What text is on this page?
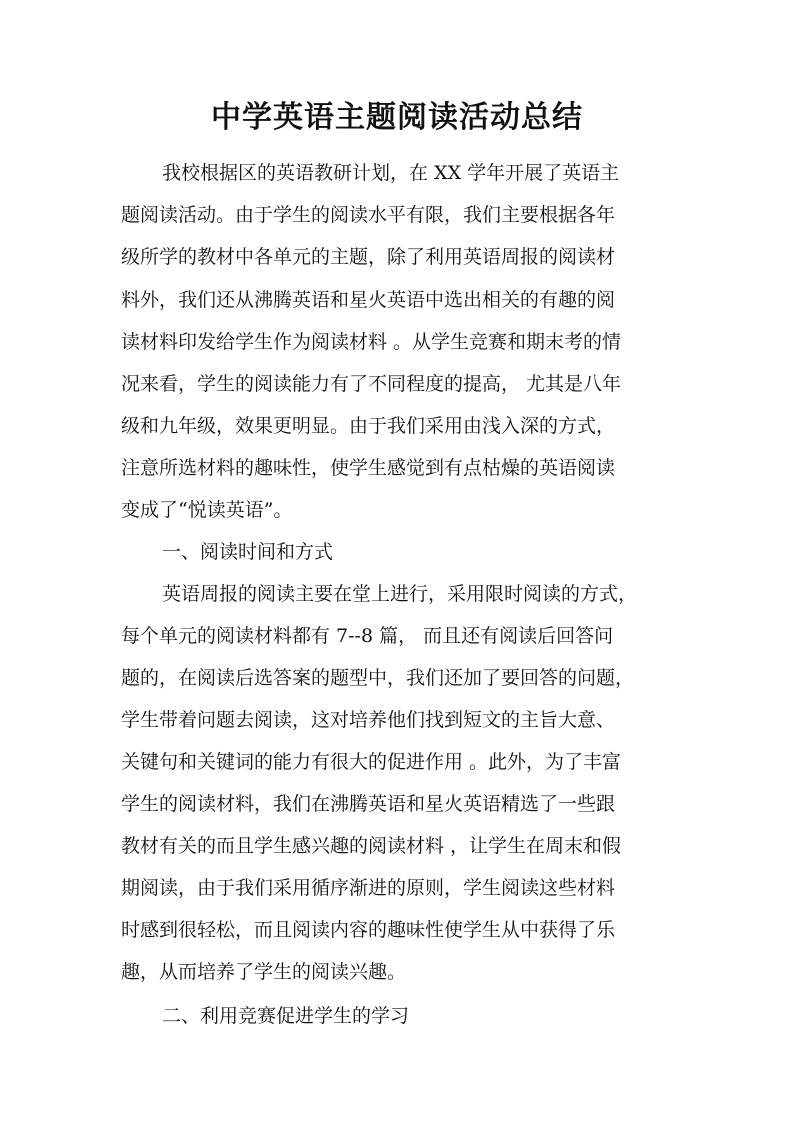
中学英语主题阅读活动总结
我校根据区的英语教研计划，在 XX 学年开展了英语主
题阅读活动。由于学生的阅读水平有限，我们主要根据各年
级所学的教材中各单元的主题，除了利用英语周报的阅读材
料外，我们还从沸腾英语和星火英语中选出相关的有趣的阅
读材料印发给学生作为阅读材料 。从学生竞赛和期末考的情
况来看，学生的阅读能力有了不同程度的提高， 尤其是八年
级和九年级，效果更明显。由于我们采用由浅入深的方式，
注意所选材料的趣味性，使学生感觉到有点枯燥的英语阅读
变成了“悦读英语”。
一、阅读时间和方式
英语周报的阅读主要在堂上进行，采用限时阅读的方式，
每个单元的阅读材料都有 7--8 篇， 而且还有阅读后回答问
题的，在阅读后选答案的题型中，我们还加了要回答的问题，
学生带着问题去阅读，这对培养他们找到短文的主旨大意、
关键句和关键词的能力有很大的促进作用 。此外，为了丰富
学生的阅读材料，我们在沸腾英语和星火英语精选了一些跟
教材有关的而且学生感兴趣的阅读材料 ，让学生在周末和假
期阅读，由于我们采用循序渐进的原则，学生阅读这些材料
时感到很轻松，而且阅读内容的趣味性使学生从中获得了乐
趣，从而培养了学生的阅读兴趣。
二、利用竞赛促进学生的学习
